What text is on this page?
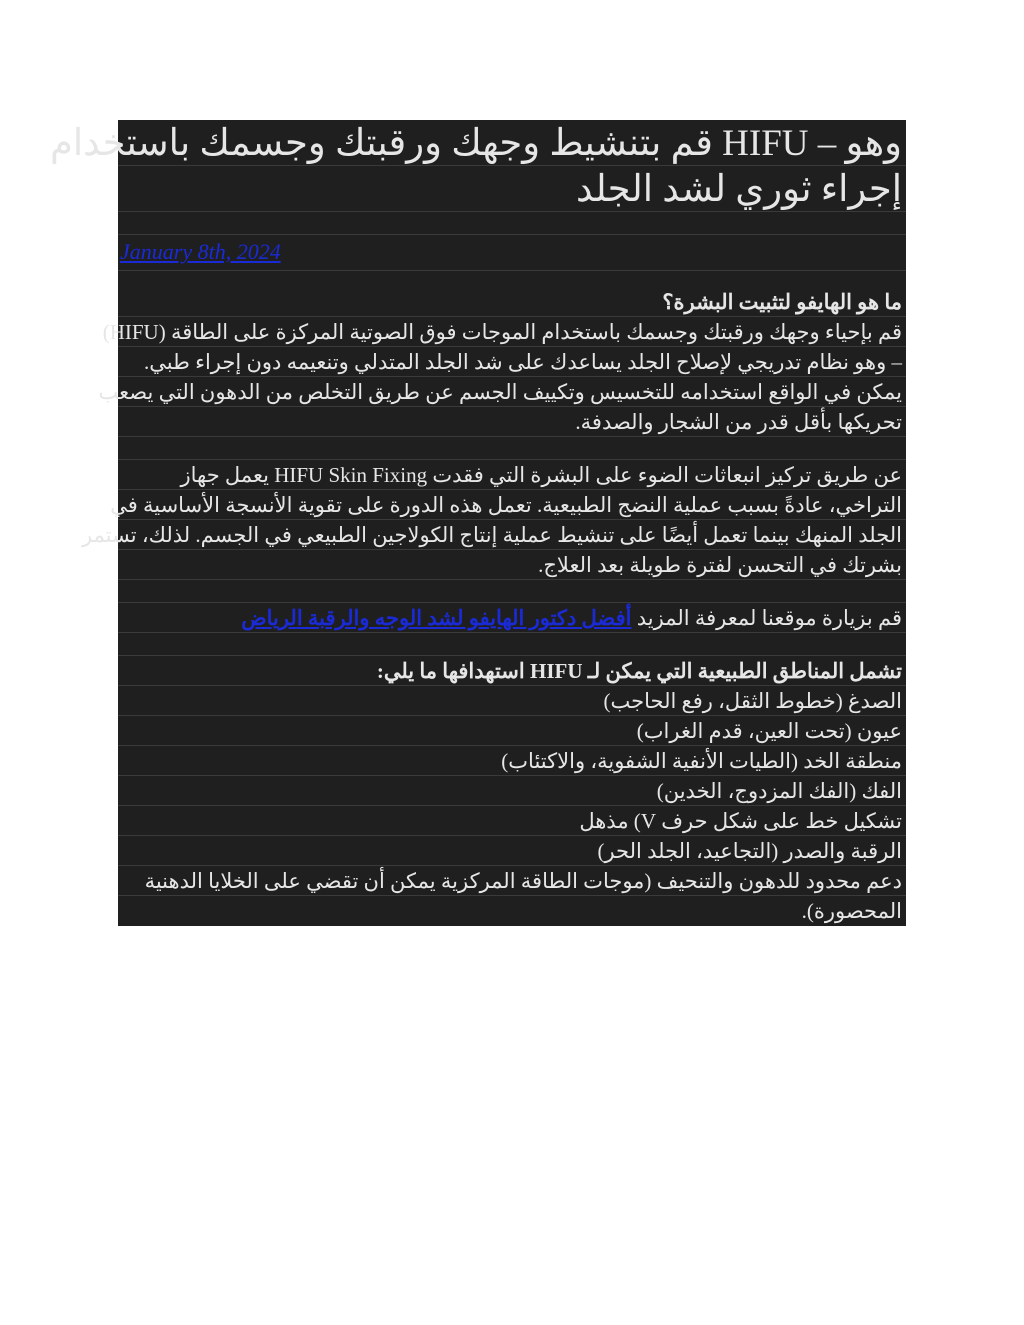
وهو – HIFU قم بتنشيط وجهك ورقبتك وجسمك باستخدام
إجراء ثوري لشد الجلد
January 8th, 2024
ما هو الهايفو لتثبيت البشرة؟
قم بإحياء وجهك ورقبتك وجسمك باستخدام الموجات فوق الصوتية المركزة على الطاقة (HIFU)
– وهو نظام تدريجي لإصلاح الجلد يساعدك على شد الجلد المتدلي وتنعيمه دون إجراء طبي.
يمكن في الواقع استخدامه للتخسيس وتكييف الجسم عن طريق التخلص من الدهون التي يصعب
تحريكها بأقل قدر من الشجار والصدفة.
عن طريق تركيز انبعاثات الضوء على البشرة التي فقدت HIFU Skin Fixing يعمل جهاز
التراخي، عادةً بسبب عملية النضج الطبيعية. تعمل هذه الدورة على تقوية الأنسجة الأساسية في
الجلد المنهك بينما تعمل أيضًا على تنشيط عملية إنتاج الكولاجين الطبيعي في الجسم. لذلك، تستمر
بشرتك في التحسن لفترة طويلة بعد العلاج.
قم بزيارة موقعنا لمعرفة المزيد أفضل دكتور الهايفو لشد الوجه والرقبة الرياض
تشمل المناطق الطبيعية التي يمكن لـ HIFU استهدافها ما يلي:
الصدغ (خطوط الثقل، رفع الحاجب)
عيون (تحت العين، قدم الغراب)
منطقة الخد (الطيات الأنفية الشفوية، والاكتئاب)
الفك (الفك المزدوج، الخدين)
تشكيل خط على شكل حرف V) مذهل
الرقبة والصدر (التجاعيد، الجلد الحر)
دعم محدود للدهون والتنحيف (موجات الطاقة المركزية يمكن أن تقضي على الخلايا الدهنية
المحصورة).
